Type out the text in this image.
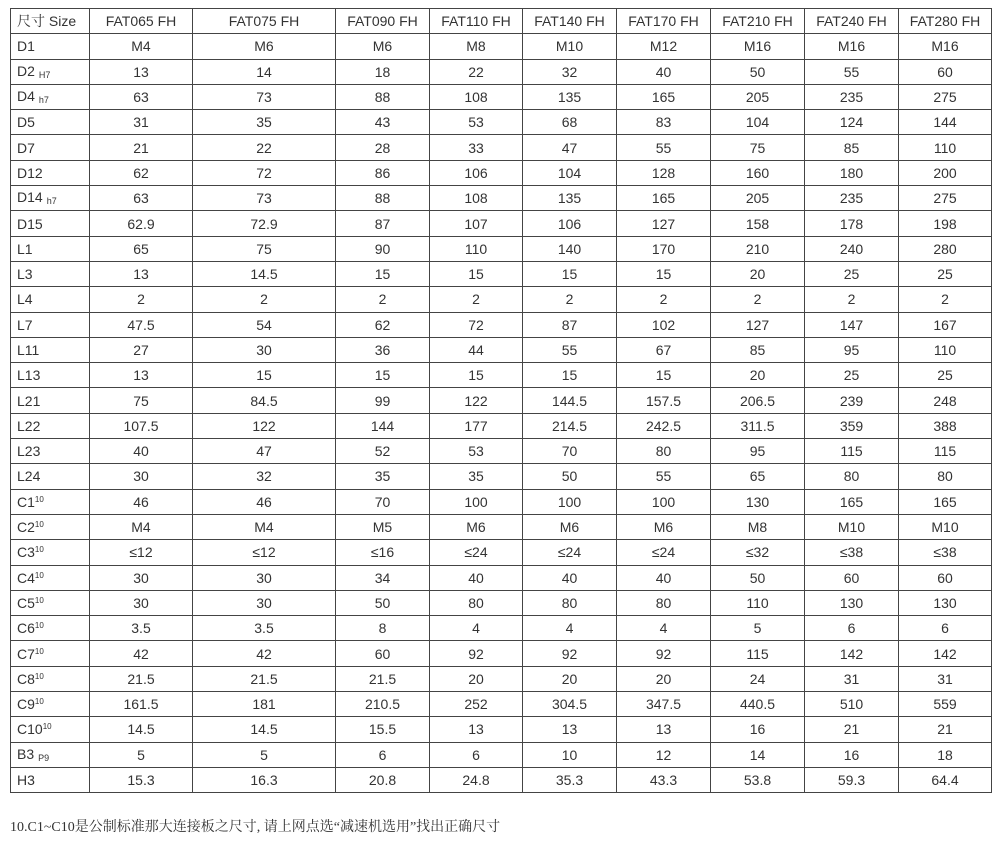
尺寸 Size	FAT065 FH	FAT075 FH	FAT090 FH	FAT110 FH	FAT140 FH	FAT170 FH	FAT210 FH	FAT240 FH	FAT280 FH
D1	M4	M6	M6	M8	M10	M12	M16	M16	M16
D2 $_{H7}$	13	14	18	22	32	40	50	55	60
D4 $_{h7}$	63	73	88	108	135	165	205	235	275
D5	31	35	43	53	68	83	104	124	144
D7	21	22	28	33	47	55	75	85	110
D12	62	72	86	106	104	128	160	180	200
D14 $_{h7}$	63	73	88	108	135	165	205	235	275
D15	62.9	72.9	87	107	106	127	158	178	198
L1	65	75	90	110	140	170	210	240	280
L3	13	14.5	15	15	15	15	20	25	25
L4	2	2	2	2	2	2	2	2	2
L7	47.5	54	62	72	87	102	127	147	167
L11	27	30	36	44	55	67	85	95	110
L13	13	15	15	15	15	15	20	25	25
L21	75	84.5	99	122	144.5	157.5	206.5	239	248
L22	107.5	122	144	177	214.5	242.5	311.5	359	388
L23	40	47	52	53	70	80	95	115	115
L24	30	32	35	35	50	55	65	80	80
$C1^{10}$	46	46	70	100	100	100	130	165	165
$C2^{10}$	M4	M4	M5	M6	M6	M6	M8	M10	M10
$C3^{10}$	≤12	≤12	≤16	≤24	≤24	≤24	≤32	≤38	≤38
$C4^{10}$	30	30	34	40	40	40	50	60	60
$C5^{10}$	30	30	50	80	80	80	110	130	130
$C6^{10}$	3.5	3.5	8	4	4	4	5	6	6
$C7^{10}$	42	42	60	92	92	92	115	142	142
$C8^{10}$	21.5	21.5	21.5	20	20	20	24	31	31
$C9^{10}$	161.5	181	210.5	252	304.5	347.5	440.5	510	559
$C10^{10}$	14.5	14.5	15.5	13	13	13	16	21	21
B3 $_{P9}$	5	5	6	6	10	12	14	16	18
H3	15.3	16.3	20.8	24.8	35.3	43.3	53.8	59.3	64.4

10.C1~C10是公制标准那大连接板之尺寸, 请上网点选“减速机选用”找出正确尺寸
